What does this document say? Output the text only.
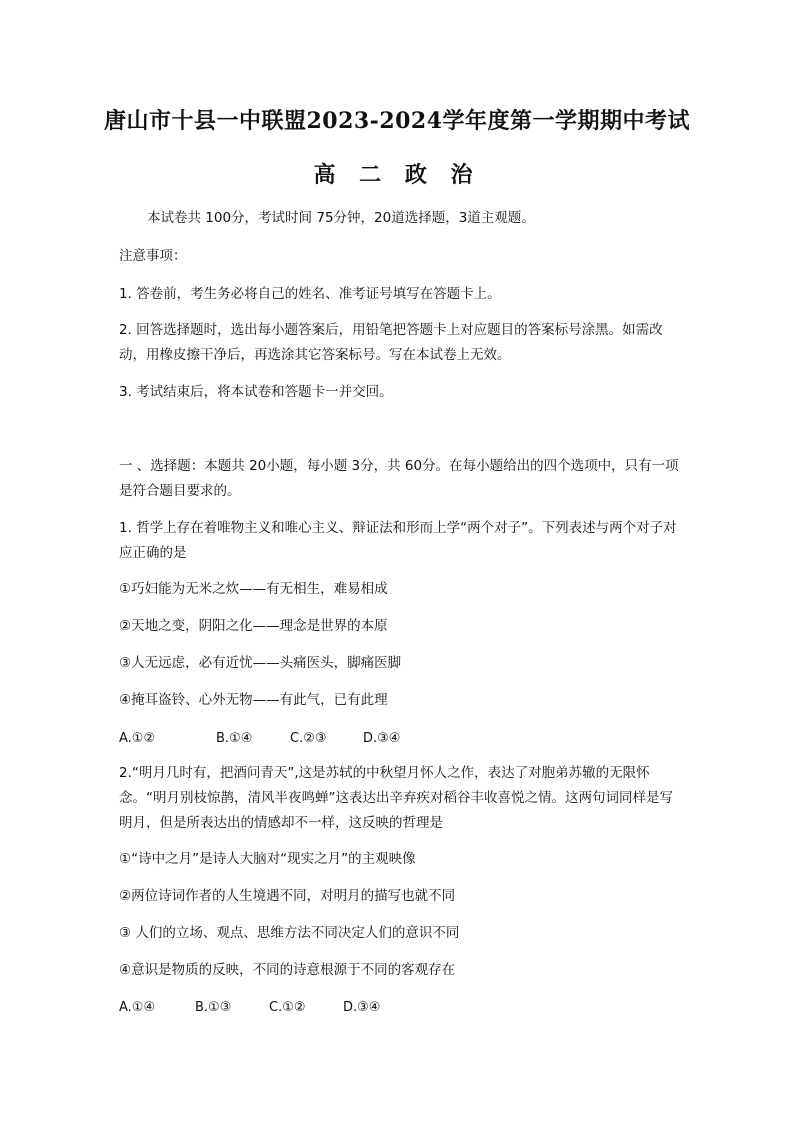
唐山市十县一中联盟2023-2024学年度第一学期期中考试
高 二 政 治
本试卷共 100分，考试时间 75分钟，20道选择题，3道主观题。
注意事项：
1. 答卷前，考生务必将自己的姓名、准考证号填写在答题卡上。
2. 回答选择题时，选出每小题答案后，用铅笔把答题卡上对应题目的答案标号涂黑。如需改动，用橡皮擦干净后，再选涂其它答案标号。写在本试卷上无效。
3. 考试结束后，将本试卷和答题卡一并交回。
一 、选择题：本题共 20小题，每小题 3分，共 60分。在每小题给出的四个选项中，只有一项是符合题目要求的。
1. 哲学上存在着唯物主义和唯心主义、辩证法和形而上学“两个对子”。下列表述与两个对子对应正确的是
①巧妇能为无米之炊——有无相生，难易相成
②天地之变，阴阳之化——理念是世界的本原
③人无远虑，必有近忧——头痛医头，脚痛医脚
④掩耳盗铃、心外无物——有此气，已有此理
A.①②	B.①④	C.②③	D.③④
2.“明月几时有，把酒问青天”,这是苏轼的中秋望月怀人之作，表达了对胞弟苏辙的无限怀念。“明月别枝惊鹊，清风半夜鸣蝉”这表达出辛弃疾对稻谷丰收喜悦之情。这两句词同样是写明月，但是所表达出的情感却不一样，这反映的哲理是
①“诗中之月”是诗人大脑对“现实之月”的主观映像
②两位诗词作者的人生境遇不同，对明月的描写也就不同
③ 人们的立场、观点、思维方法不同决定人们的意识不同
④意识是物质的反映，不同的诗意根源于不同的客观存在
A.①④	B.①③	C.①②	D.③④
